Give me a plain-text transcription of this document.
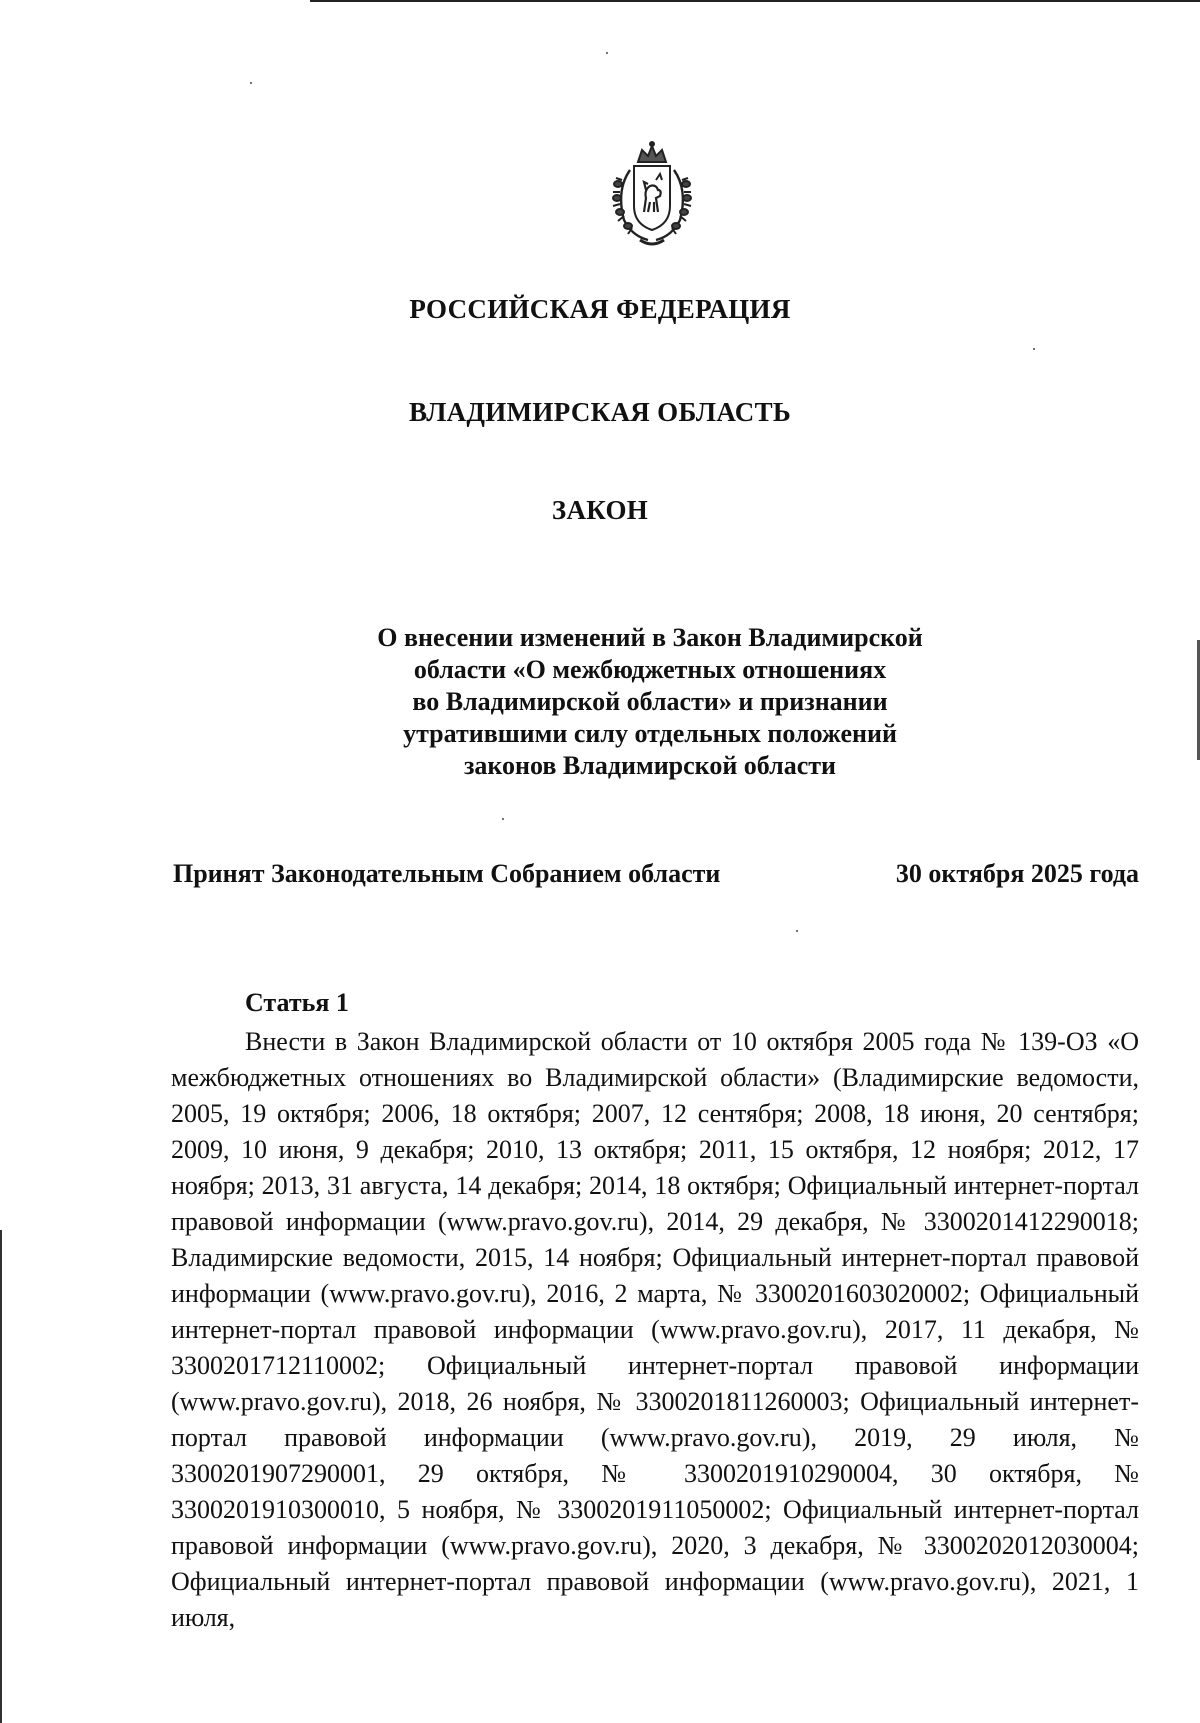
РОССИЙСКАЯ ФЕДЕРАЦИЯ
ВЛАДИМИРСКАЯ ОБЛАСТЬ
ЗАКОН
О внесении изменений в Закон Владимирской
области «О межбюджетных отношениях
во Владимирской области» и признании
утратившими силу отдельных положений
законов Владимирской области
Принят Законодательным Собранием области	30 октября 2025 года
Статья 1
Внести в Закон Владимирской области от 10 октября 2005 года № 139-ОЗ «О межбюджетных отношениях во Владимирской области» (Владимирские ведомости, 2005, 19 октября; 2006, 18 октября; 2007, 12 сентября; 2008, 18 июня, 20 сентября; 2009, 10 июня, 9 декабря; 2010, 13 октября; 2011, 15 октября, 12 ноября; 2012, 17 ноября; 2013, 31 августа, 14 декабря; 2014, 18 октября; Официальный интернет-портал правовой информации (www.pravo.gov.ru), 2014, 29 декабря, № 3300201412290018; Владимирские ведомости, 2015, 14 ноября; Официальный интернет-портал правовой информации (www.pravo.gov.ru), 2016, 2 марта, № 3300201603020002; Официальный интернет-портал правовой информации (www.pravo.gov.ru), 2017, 11 декабря, № 3300201712110002; Официальный интернет-портал правовой информации (www.pravo.gov.ru), 2018, 26 ноября, № 3300201811260003; Официальный интернет-портал правовой информации (www.pravo.gov.ru), 2019, 29 июля, № 3300201907290001, 29 октября, № 3300201910290004, 30 октября, № 3300201910300010, 5 ноября, № 3300201911050002; Официальный интернет-портал правовой информации (www.pravo.gov.ru), 2020, 3 декабря, № 3300202012030004; Официальный интернет-портал правовой информации (www.pravo.gov.ru), 2021, 1 июля,
